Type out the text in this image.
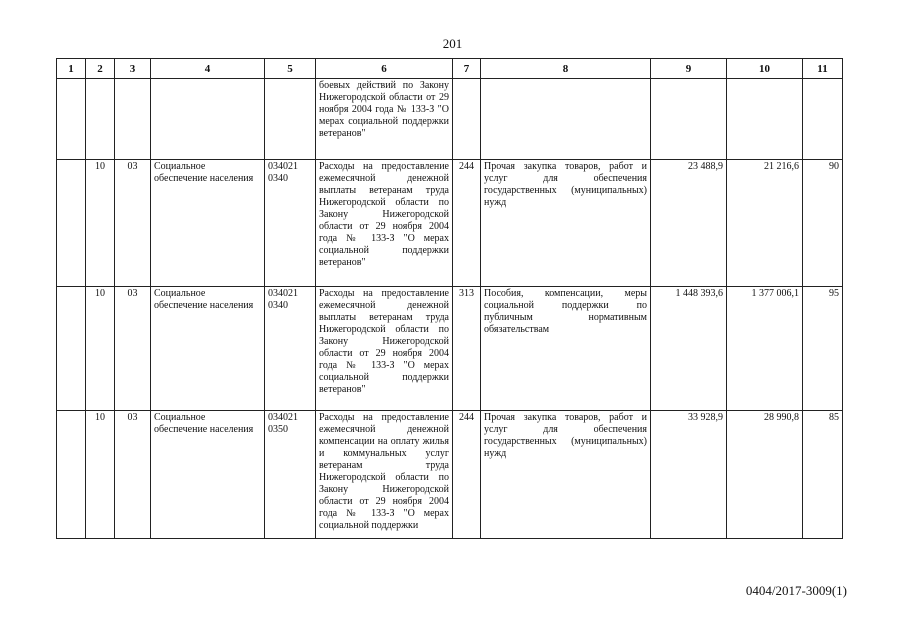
201
1	2	3	4	5	6	7	8	9	10	11
					боевых действий по Закону Нижегородской области от 29 ноября 2004 года № 133-З "О мерах социальной поддержки ветеранов"					
	10	03	Социальное обеспечение населения	034021 0340	Расходы на предоставление ежемесячной денежной выплаты ветеранам труда Нижегородской области по Закону Нижегородской области от 29 ноября 2004 года № 133-З "О мерах социальной поддержки ветеранов"	244	Прочая закупка товаров, работ и услуг для обеспечения государственных (муниципальных) нужд	23 488,9	21 216,6	90
	10	03	Социальное обеспечение населения	034021 0340	Расходы на предоставление ежемесячной денежной выплаты ветеранам труда Нижегородской области по Закону Нижегородской области от 29 ноября 2004 года № 133-З "О мерах социальной поддержки ветеранов"	313	Пособия, компенсации, меры социальной поддержки по публичным нормативным обязательствам	1 448 393,6	1 377 006,1	95
	10	03	Социальное обеспечение населения	034021 0350	Расходы на предоставление ежемесячной денежной компенсации на оплату жилья и коммунальных услуг ветеранам труда Нижегородской области по Закону Нижегородской области от 29 ноября 2004 года № 133-З "О мерах социальной поддержки	244	Прочая закупка товаров, работ и услуг для обеспечения государственных (муниципальных) нужд	33 928,9	28 990,8	85
0404/2017-3009(1)
